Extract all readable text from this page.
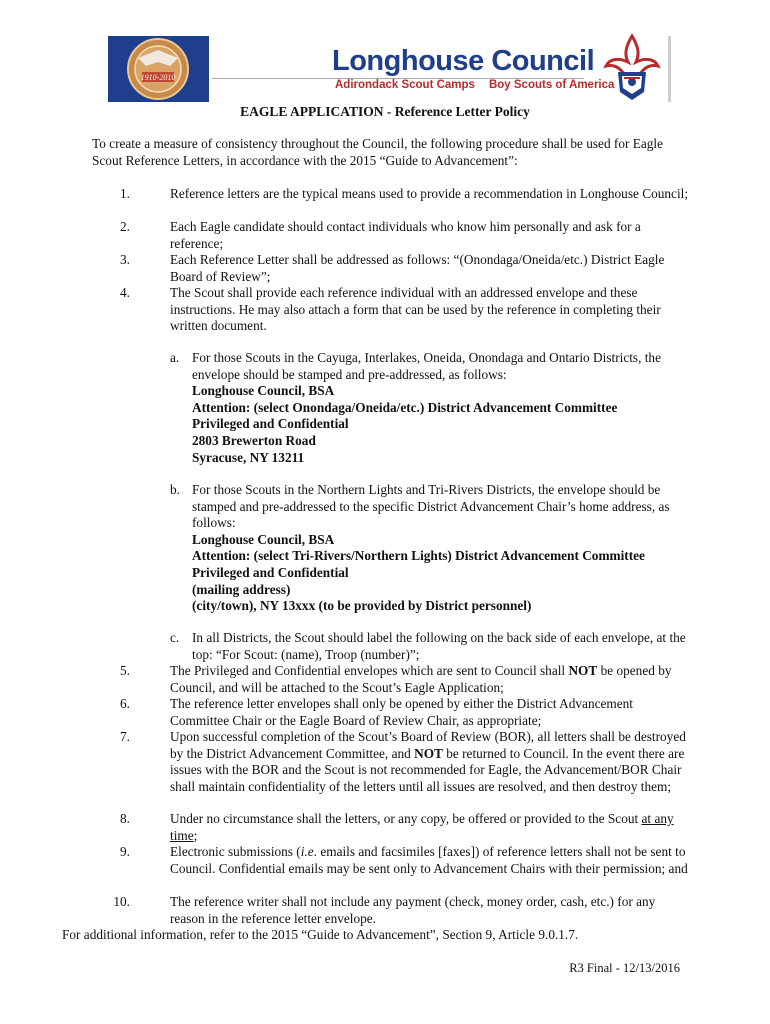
1910-2010
Longhouse Council
Adirondack Scout Camps Boy Scouts of America
EAGLE APPLICATION - Reference Letter Policy
To create a measure of consistency throughout the Council, the following procedure shall be used for Eagle Scout Reference Letters, in accordance with the 2015 “Guide to Advancement”:
1.	Reference letters are the typical means used to provide a recommendation in Longhouse Council;
2.	Each Eagle candidate should contact individuals who know him personally and ask for a reference;
3.	Each Reference Letter shall be addressed as follows: “(Onondaga/Oneida/etc.) District Eagle Board of Review”;
4.	The Scout shall provide each reference individual with an addressed envelope and these instructions. He may also attach a form that can be used by the reference in completing their written document.
a. For those Scouts in the Cayuga, Interlakes, Oneida, Onondaga and Ontario Districts, the envelope should be stamped and pre-addressed, as follows:
Longhouse Council, BSA
Attention: (select Onondaga/Oneida/etc.) District Advancement Committee
Privileged and Confidential
2803 Brewerton Road
Syracuse, NY 13211
b. For those Scouts in the Northern Lights and Tri-Rivers Districts, the envelope should be stamped and pre-addressed to the specific District Advancement Chair’s home address, as follows:
Longhouse Council, BSA
Attention: (select Tri-Rivers/Northern Lights) District Advancement Committee
Privileged and Confidential
(mailing address)
(city/town), NY 13xxx (to be provided by District personnel)
c. In all Districts, the Scout should label the following on the back side of each envelope, at the top: “For Scout: (name), Troop (number)”;
5.	The Privileged and Confidential envelopes which are sent to Council shall NOT be opened by Council, and will be attached to the Scout’s Eagle Application;
6.	The reference letter envelopes shall only be opened by either the District Advancement Committee Chair or the Eagle Board of Review Chair, as appropriate;
7.	Upon successful completion of the Scout’s Board of Review (BOR), all letters shall be destroyed by the District Advancement Committee, and NOT be returned to Council. In the event there are issues with the BOR and the Scout is not recommended for Eagle, the Advancement/BOR Chair shall maintain confidentiality of the letters until all issues are resolved, and then destroy them;
8.	Under no circumstance shall the letters, or any copy, be offered or provided to the Scout at any time;
9.	Electronic submissions (i.e. emails and facsimiles [faxes]) of reference letters shall not be sent to Council. Confidential emails may be sent only to Advancement Chairs with their permission; and
10.	The reference writer shall not include any payment (check, money order, cash, etc.) for any reason in the reference letter envelope.
For additional information, refer to the 2015 “Guide to Advancement”, Section 9, Article 9.0.1.7.
R3 Final - 12/13/2016
